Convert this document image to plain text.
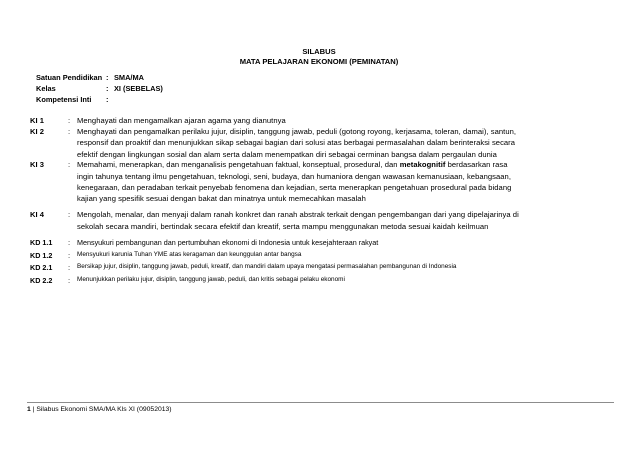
SILABUS
MATA PELAJARAN EKONOMI (PEMINATAN)
Satuan Pendidikan : SMA/MA
Kelas	: XI (SEBELAS)
Kompetensi Inti :
KI 1	: Menghayati dan mengamalkan ajaran agama yang dianutnya
KI 2	: Menghayati dan pengamalkan perilaku jujur, disiplin, tanggung jawab, peduli (gotong royong, kerjasama, toleran, damai), santun,
responsif dan proaktif dan menunjukkan sikap sebagai bagian dari solusi atas berbagai permasalahan dalam berinteraksi secara
efektif dengan lingkungan sosial dan alam serta dalam menempatkan diri sebagai cerminan bangsa dalam pergaulan dunia
KI 3	: Memahami, menerapkan, dan menganalisis pengetahuan faktual, konseptual, prosedural, dan metakognitif berdasarkan rasa
ingin tahunya tentang ilmu pengetahuan, teknologi, seni, budaya, dan humaniora dengan wawasan kemanusiaan, kebangsaan,
kenegaraan, dan peradaban terkait penyebab fenomena dan kejadian, serta menerapkan pengetahuan prosedural pada bidang
kajian yang spesifik sesuai dengan bakat dan minatnya untuk memecahkan masalah
KI 4	: Mengolah, menalar, dan menyaji dalam ranah konkret dan ranah abstrak terkait dengan pengembangan dari yang dipelajarinya di
sekolah secara mandiri, bertindak secara efektif dan kreatif, serta mampu menggunakan metoda sesuai kaidah keilmuan
KD 1.1 : Mensyukuri pembangunan dan pertumbuhan ekonomi di Indonesia untuk kesejahteraan rakyat
KD 1.2 : Mensyukuri karunia Tuhan YME atas keragaman dan keunggulan antar bangsa
KD 2.1 : Bersikap jujur, disiplin, tanggung jawab, peduli, kreatif, dan mandiri dalam upaya mengatasi permasalahan pembangunan di Indonesia
KD 2.2 : Menunjukkan perilaku jujur, disiplin, tanggung jawab, peduli, dan kritis sebagai pelaku ekonomi
1 | Silabus Ekonomi SMA/MA Kls XI (09052013)
